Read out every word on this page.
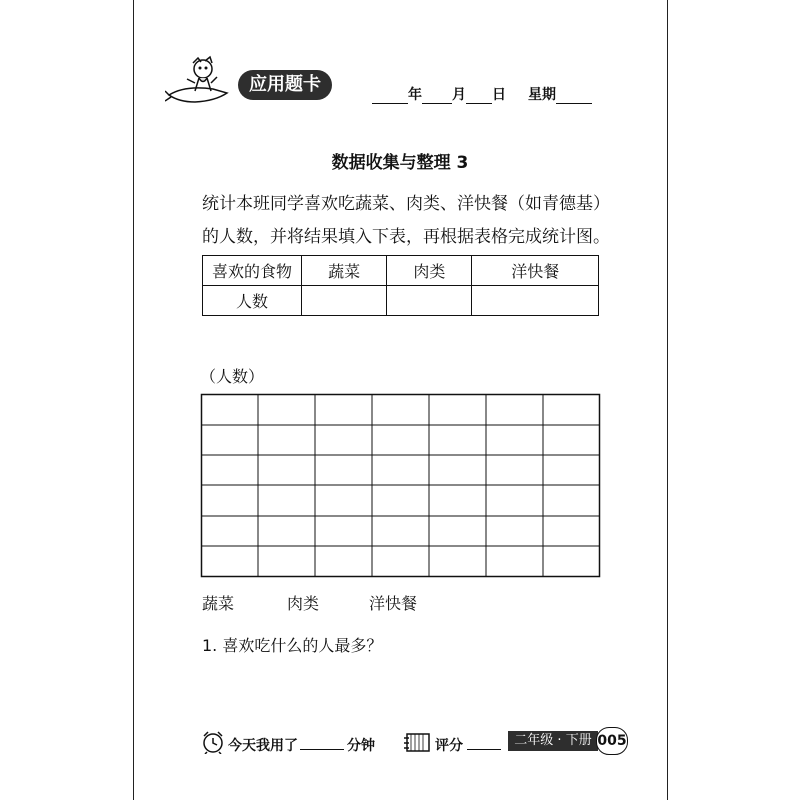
应用题卡	年 月 日 星期
数据收集与整理 3
统计本班同学喜欢吃蔬菜、肉类、洋快餐（如青德基）
的人数，并将结果填入下表，再根据表格完成统计图。
喜欢的食物	蔬菜	肉类	洋快餐
人数			
（人数）
蔬菜	肉类	洋快餐
1. 喜欢吃什么的人最多？
今天我用了	分钟	评分	二年级 · 下册 005
